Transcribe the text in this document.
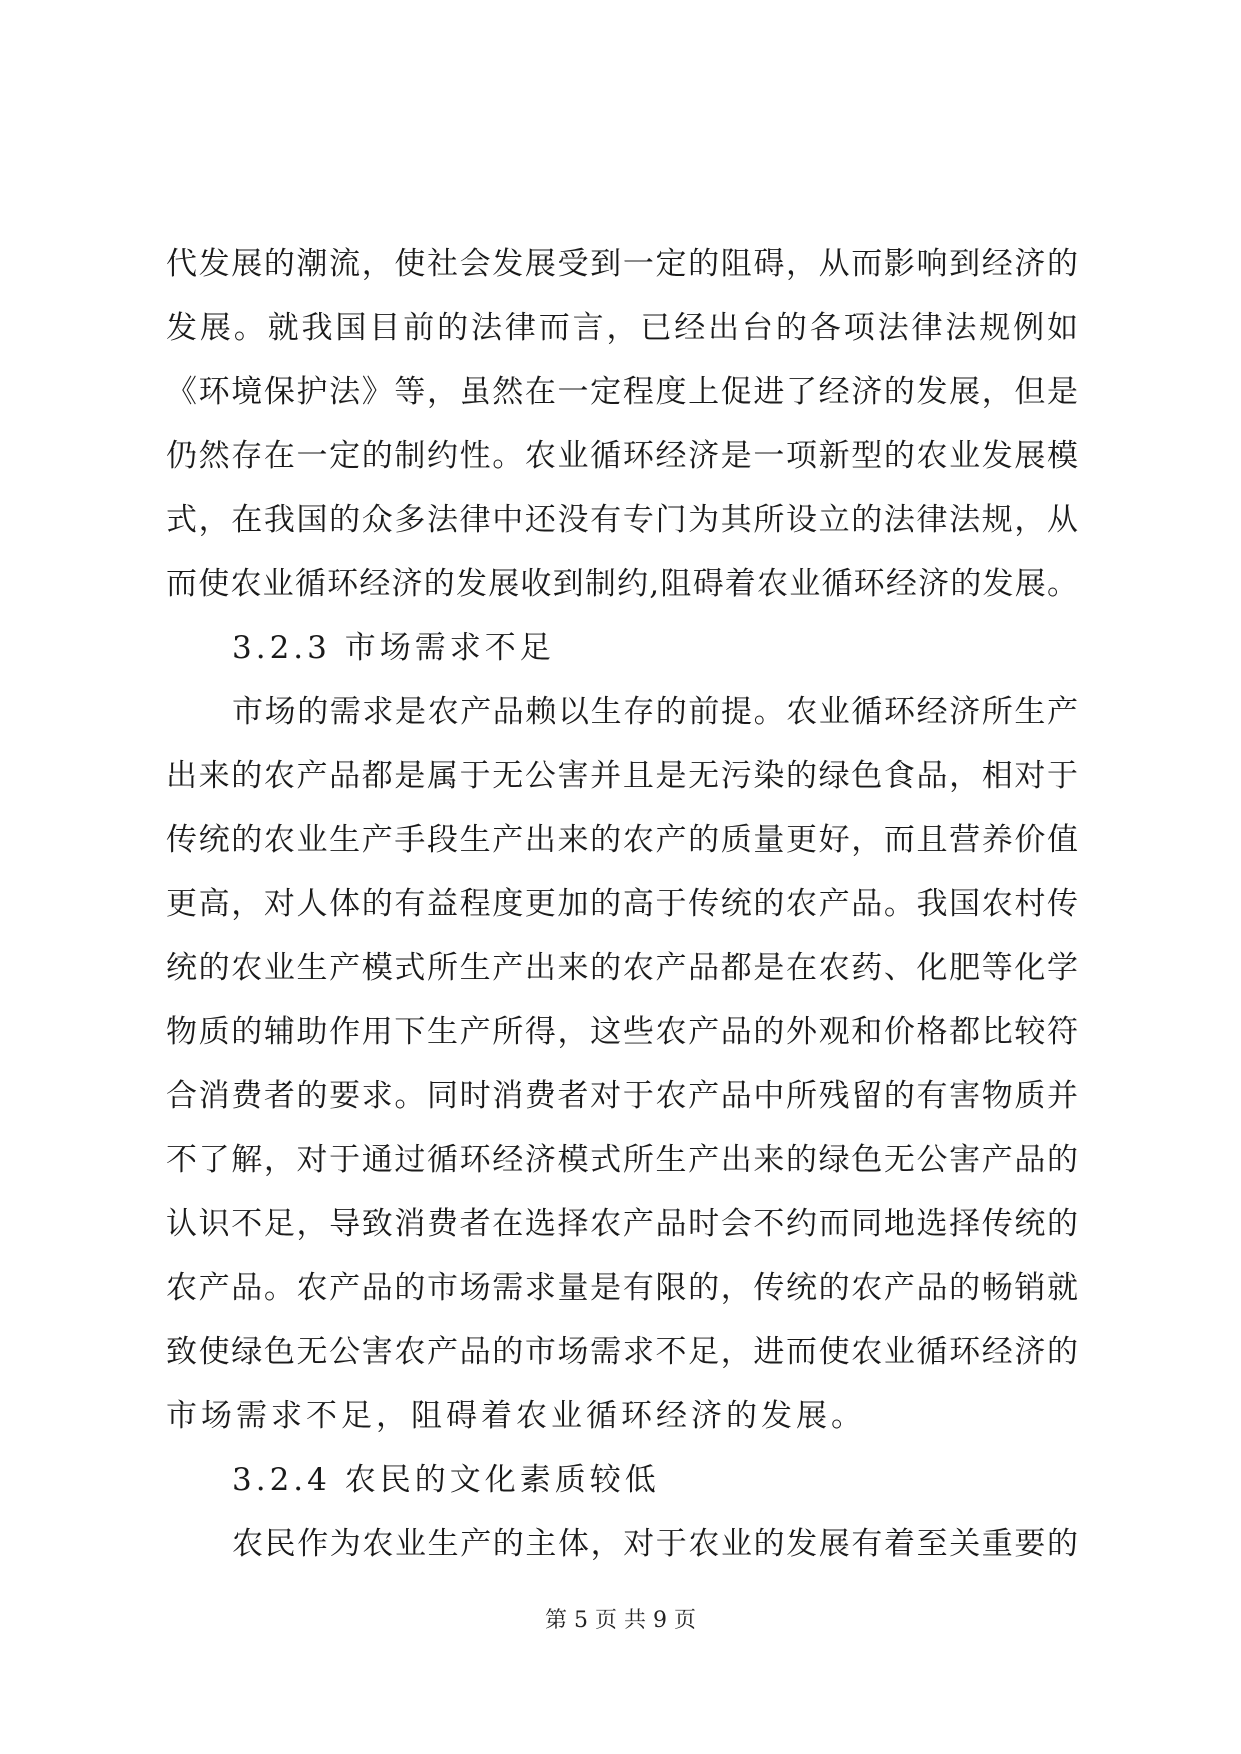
代发展的潮流，使社会发展受到一定的阻碍，从而影响到经济的
发展。就我国目前的法律而言，已经出台的各项法律法规例如
《环境保护法》等，虽然在一定程度上促进了经济的发展，但是
仍然存在一定的制约性。农业循环经济是一项新型的农业发展模
式，在我国的众多法律中还没有专门为其所设立的法律法规，从
而使农业循环经济的发展收到制约,阻碍着农业循环经济的发展。
3.2.3 市场需求不足
市场的需求是农产品赖以生存的前提。农业循环经济所生产
出来的农产品都是属于无公害并且是无污染的绿色食品，相对于
传统的农业生产手段生产出来的农产的质量更好，而且营养价值
更高，对人体的有益程度更加的高于传统的农产品。我国农村传
统的农业生产模式所生产出来的农产品都是在农药、化肥等化学
物质的辅助作用下生产所得，这些农产品的外观和价格都比较符
合消费者的要求。同时消费者对于农产品中所残留的有害物质并
不了解，对于通过循环经济模式所生产出来的绿色无公害产品的
认识不足，导致消费者在选择农产品时会不约而同地选择传统的
农产品。农产品的市场需求量是有限的，传统的农产品的畅销就
致使绿色无公害农产品的市场需求不足，进而使农业循环经济的
市场需求不足，阻碍着农业循环经济的发展。
3.2.4 农民的文化素质较低
农民作为农业生产的主体，对于农业的发展有着至关重要的
第 5 页 共 9 页
